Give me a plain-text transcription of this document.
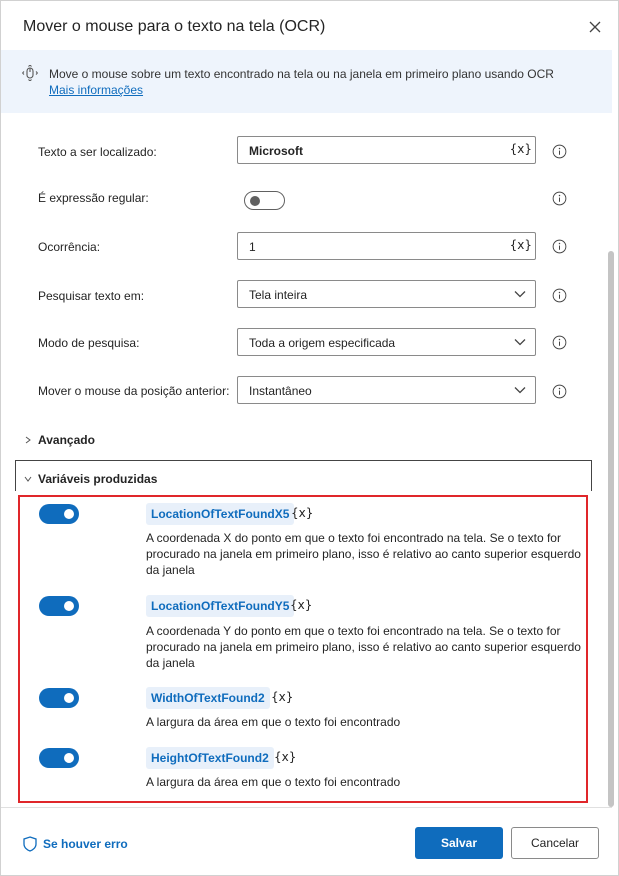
Mover o mouse para o texto na tela (OCR)
Move o mouse sobre um texto encontrado na tela ou na janela em primeiro plano usando OCR
Mais informações
Texto a ser localizado:	Microsoft	{x}
É expressão regular:
Ocorrência:	1	{x}
Pesquisar texto em:	Tela inteira
Modo de pesquisa:	Toda a origem especificada
Mover o mouse da posição anterior: Instantâneo
Avançado
Variáveis produzidas
LocationOfTextFoundX5 {x}
A coordenada X do ponto em que o texto foi encontrado na tela. Se o texto for procurado na janela em primeiro plano, isso é relativo ao canto superior esquerdo da janela
LocationOfTextFoundY5 {x}
A coordenada Y do ponto em que o texto foi encontrado na tela. Se o texto for procurado na janela em primeiro plano, isso é relativo ao canto superior esquerdo da janela
WidthOfTextFound2 {x}
A largura da área em que o texto foi encontrado
HeightOfTextFound2 {x}
A largura da área em que o texto foi encontrado
Se houver erro	Salvar	Cancelar
